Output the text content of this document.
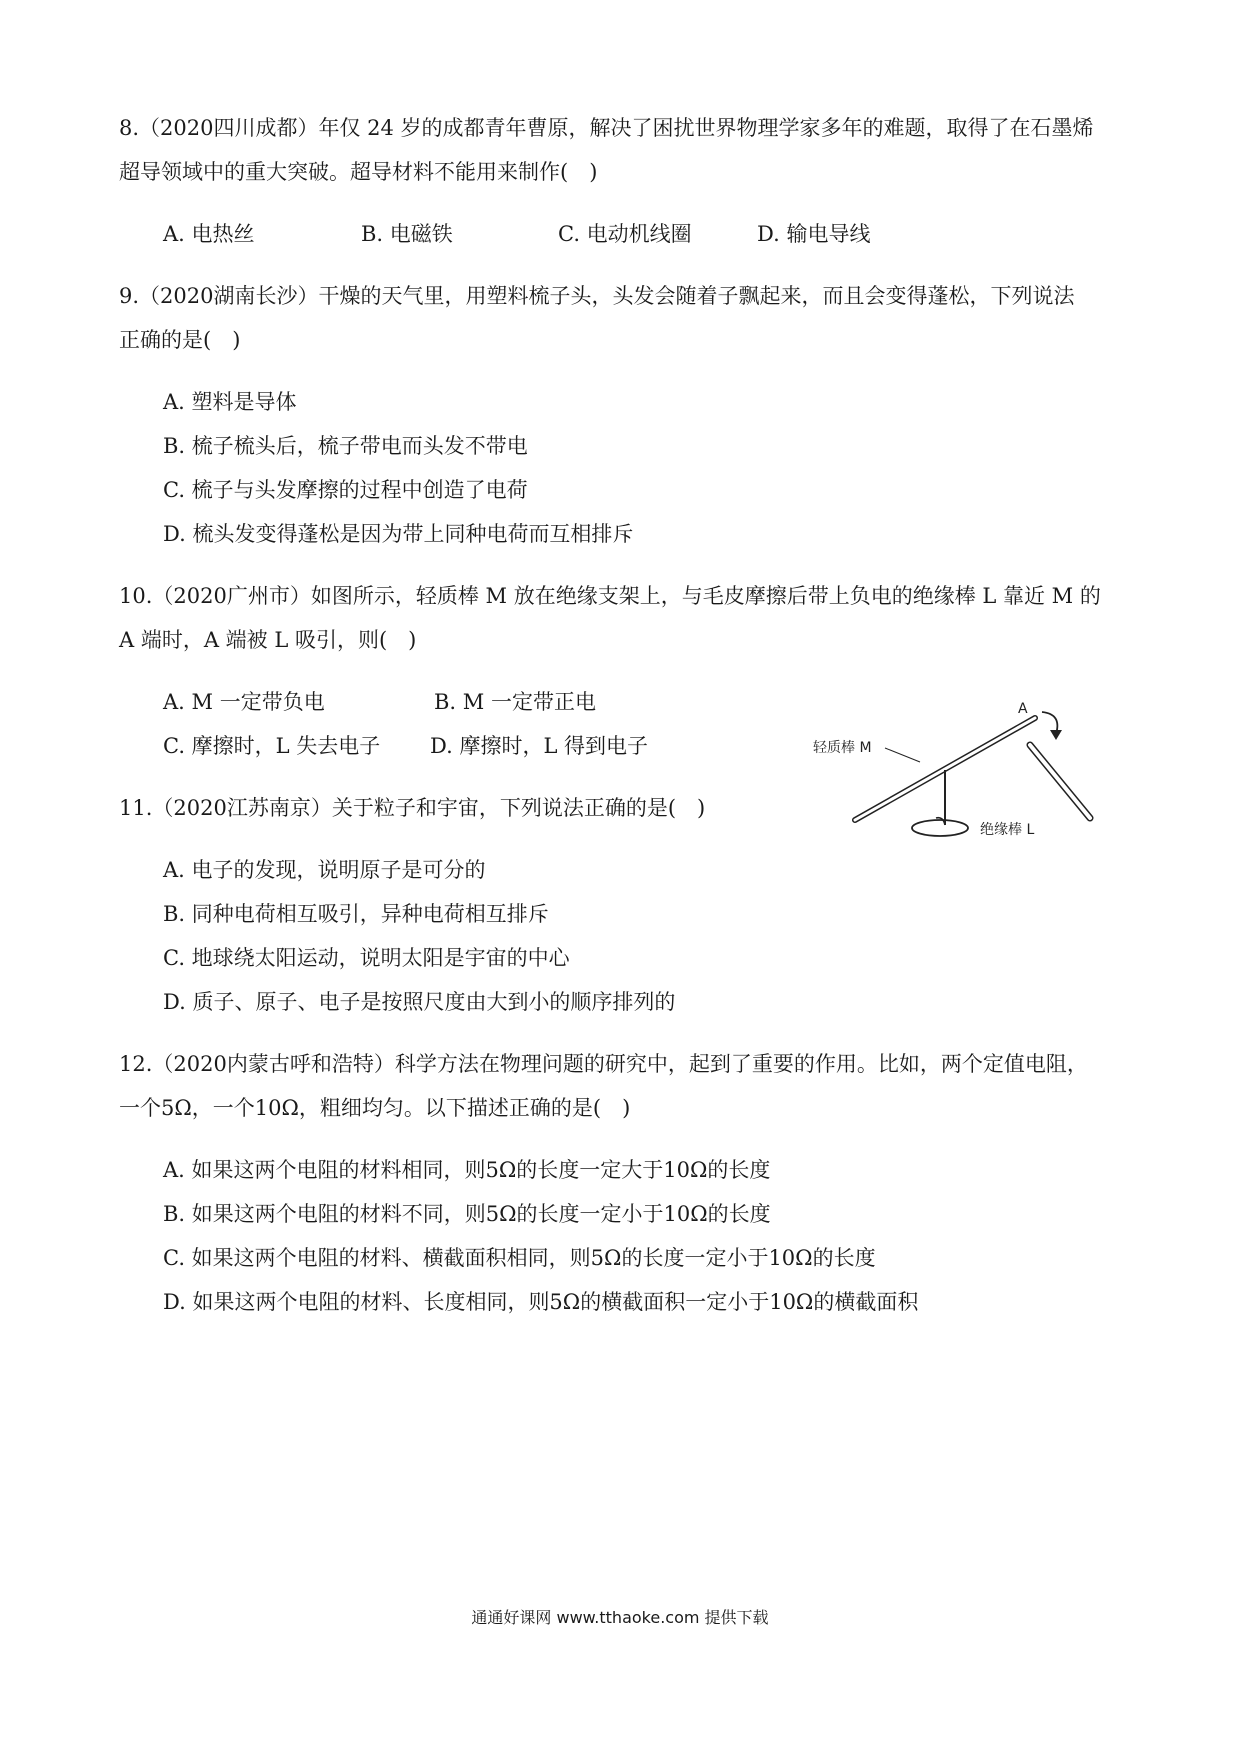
8.（2020四川成都）年仅 24 岁的成都青年曹原，解决了困扰世界物理学家多年的难题，取得了在石墨烯
超导领域中的重大突破。超导材料不能用来制作(　)
A. 电热丝	B. 电磁铁	C. 电动机线圈	D. 输电导线
9.（2020湖南长沙）干燥的天气里，用塑料梳子头，头发会随着子飘起来，而且会变得蓬松，下列说法
正确的是(　)
A. 塑料是导体
B. 梳子梳头后，梳子带电而头发不带电
C. 梳子与头发摩擦的过程中创造了电荷
D. 梳头发变得蓬松是因为带上同种电荷而互相排斥
10.（2020广州市）如图所示，轻质棒 M 放在绝缘支架上，与毛皮摩擦后带上负电的绝缘棒 L 靠近 M 的
A 端时，A 端被 L 吸引，则(　)
A. M 一定带负电	B. M 一定带正电
C. 摩擦时，L 失去电子 D. 摩擦时，L 得到电子	轻质棒 M
A
绝缘棒 L
11.（2020江苏南京）关于粒子和宇宙，下列说法正确的是(　)
A. 电子的发现，说明原子是可分的
B. 同种电荷相互吸引，异种电荷相互排斥
C. 地球绕太阳运动，说明太阳是宇宙的中心
D. 质子、原子、电子是按照尺度由大到小的顺序排列的
12.（2020内蒙古呼和浩特）科学方法在物理问题的研究中，起到了重要的作用。比如，两个定值电阻，
一个5Ω，一个10Ω，粗细均匀。以下描述正确的是(　)
A. 如果这两个电阻的材料相同，则5Ω的长度一定大于10Ω的长度
B. 如果这两个电阻的材料不同，则5Ω的长度一定小于10Ω的长度
C. 如果这两个电阻的材料、横截面积相同，则5Ω的长度一定小于10Ω的长度
D. 如果这两个电阻的材料、长度相同，则5Ω的横截面积一定小于10Ω的横截面积
通通好课网 www.tthaoke.com 提供下载
